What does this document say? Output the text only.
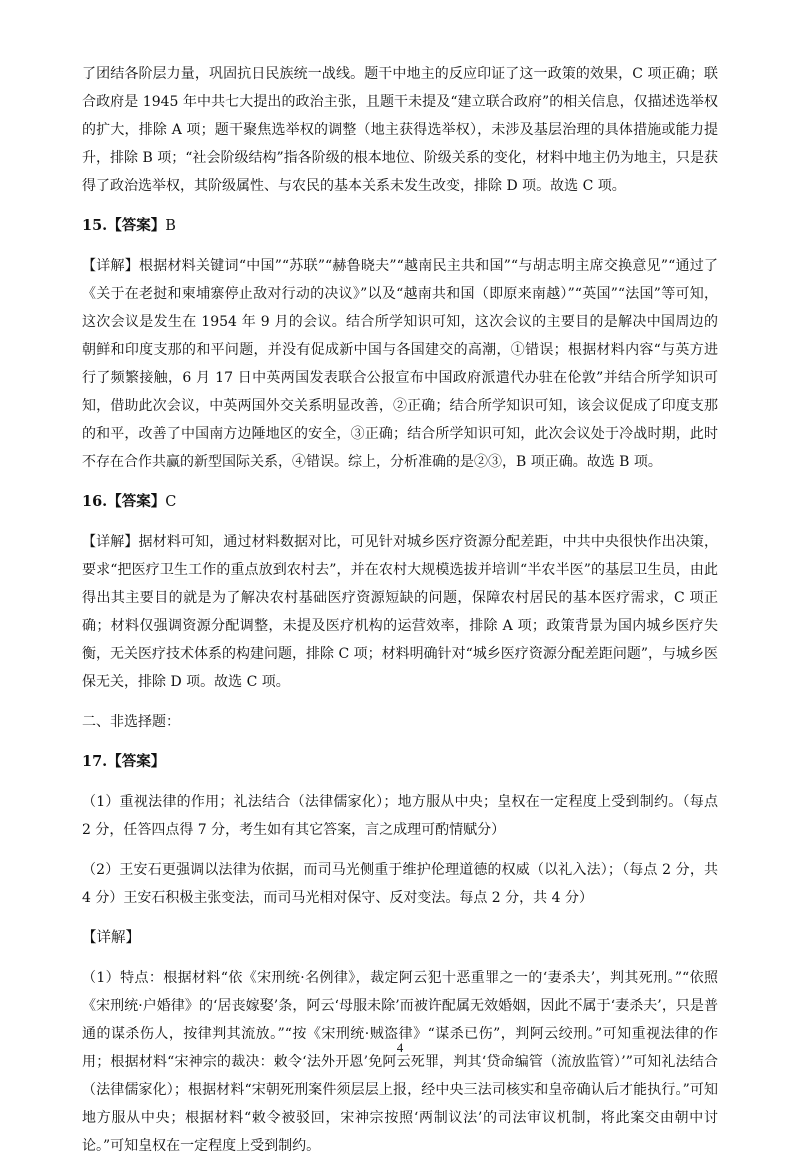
了团结各阶层力量，巩固抗日民族统一战线。题干中地主的反应印证了这一政策的效果，C 项正确；联合政府是 1945 年中共七大提出的政治主张，且题干未提及“建立联合政府”的相关信息，仅描述选举权的扩大，排除 A 项；题干聚焦选举权的调整（地主获得选举权），未涉及基层治理的具体措施或能力提升，排除 B 项；“社会阶级结构”指各阶级的根本地位、阶级关系的变化，材料中地主仍为地主，只是获得了政治选举权，其阶级属性、与农民的基本关系未发生改变，排除 D 项。故选 C 项。

15.【答案】B

【详解】根据材料关键词“中国”“苏联”“赫鲁晓夫”“越南民主共和国”“与胡志明主席交换意见”“通过了《关于在老挝和柬埔寨停止敌对行动的决议》”以及“越南共和国（即原来南越）”“英国”“法国”等可知，这次会议是发生在 1954 年 9 月的会议。结合所学知识可知，这次会议的主要目的是解决中国周边的朝鲜和印度支那的和平问题，并没有促成新中国与各国建交的高潮，①错误；根据材料内容“与英方进行了频繁接触，6 月 17 日中英两国发表联合公报宣布中国政府派遣代办驻在伦敦”并结合所学知识可知，借助此次会议，中英两国外交关系明显改善，②正确；结合所学知识可知，该会议促成了印度支那的和平，改善了中国南方边陲地区的安全，③正确；结合所学知识可知，此次会议处于冷战时期，此时不存在合作共赢的新型国际关系，④错误。综上，分析准确的是②③，B 项正确。故选 B 项。

16.【答案】C

【详解】据材料可知，通过材料数据对比，可见针对城乡医疗资源分配差距，中共中央很快作出决策，要求“把医疗卫生工作的重点放到农村去”，并在农村大规模选拔并培训“半农半医”的基层卫生员，由此得出其主要目的就是为了解决农村基础医疗资源短缺的问题，保障农村居民的基本医疗需求，C 项正确；材料仅强调资源分配调整，未提及医疗机构的运营效率，排除 A 项；政策背景为国内城乡医疗失衡，无关医疗技术体系的构建问题，排除 C 项；材料明确针对“城乡医疗资源分配差距问题”，与城乡医保无关，排除 D 项。故选 C 项。

二、非选择题：

17.【答案】

（1）重视法律的作用；礼法结合（法律儒家化）；地方服从中央；皇权在一定程度上受到制约。（每点 2 分，任答四点得 7 分，考生如有其它答案，言之成理可酌情赋分）

（2）王安石更强调以法律为依据，而司马光侧重于维护伦理道德的权威（以礼入法）；（每点 2 分，共 4 分）王安石积极主张变法，而司马光相对保守、反对变法。每点 2 分，共 4 分）

【详解】

（1）特点：根据材料“依《宋刑统·名例律》，裁定阿云犯十恶重罪之一的‘妻杀夫’，判其死刑。”“依照《宋刑统·户婚律》的‘居丧嫁娶’条，阿云‘母服未除’而被许配属无效婚姻，因此不属于‘妻杀夫’，只是普通的谋杀伤人，按律判其流放。”“按《宋刑统·贼盗律》“谋杀已伤”，判阿云绞刑。”可知重视法律的作用；根据材料“宋神宗的裁决：敕令‘法外开恩’免阿云死罪，判其‘贷命编管（流放监管）’”可知礼法结合（法律儒家化）；根据材料“宋朝死刑案件须层层上报，经中央三法司核实和皇帝确认后才能执行。”可知地方服从中央；根据材料“敕令被驳回，宋神宗按照‘两制议法’的司法审议机制，将此案交由朝中讨论。”可知皇权在一定程度上受到制约。

4
